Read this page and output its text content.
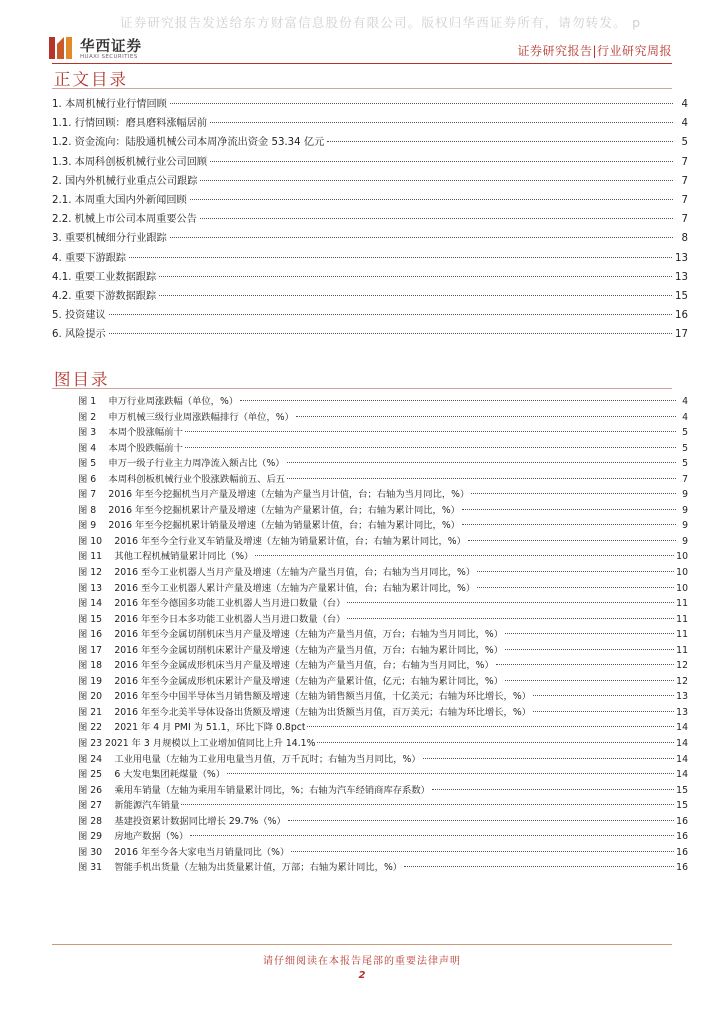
证券研究报告发送给东方财富信息股份有限公司。版权归华西证券所有，请勿转发。 p
华西证券
HUAXI SECURITIES	证券研究报告|行业研究周报
正文目录
1. 本周机械行业行情回顾	4
1.1. 行情回顾：磨具磨料涨幅居前	4
1.2. 资金流向：陆股通机械公司本周净流出资金 53.34 亿元	5
1.3. 本周科创板机械行业公司回顾	7
2. 国内外机械行业重点公司跟踪	7
2.1. 本周重大国内外新闻回顾	7
2.2. 机械上市公司本周重要公告	7
3. 重要机械细分行业跟踪	8
4. 重要下游跟踪	13
4.1. 重要工业数据跟踪	13
4.2. 重要下游数据跟踪	15
5. 投资建议	16
6. 风险提示	17
图目录
图 1　 申万行业周涨跌幅（单位，%）	4
图 2　 申万机械三级行业周涨跌幅排行（单位，%）	4
图 3　 本周个股涨幅前十	5
图 4　 本周个股跌幅前十	5
图 5　 申万一级子行业主力周净流入额占比（%）	5
图 6　 本周科创板机械行业个股涨跌幅前五、后五	7
图 7　 2016 年至今挖掘机当月产量及增速（左轴为产量当月计值，台；右轴为当月同比，%）	9
图 8　 2016 年至今挖掘机累计产量及增速（左轴为产量累计值，台；右轴为累计同比，%）	9
图 9　 2016 年至今挖掘机累计销量及增速（左轴为销量累计值，台；右轴为累计同比，%）	9
图 10　 2016 年至今全行业叉车销量及增速（左轴为销量累计值，台；右轴为累计同比，%）	9
图 11　 其他工程机械销量累计同比（%）	10
图 12　 2016 至今工业机器人当月产量及增速（左轴为产量当月值，台；右轴为当月同比，%）	10
图 13　 2016 至今工业机器人累计产量及增速（左轴为产量累计值，台；右轴为累计同比，%）	10
图 14　 2016 年至今德国多功能工业机器人当月进口数量（台）	11
图 15　 2016 年至今日本多功能工业机器人当月进口数量（台）	11
图 16　 2016 年至今金属切削机床当月产量及增速（左轴为产量当月值，万台；右轴为当月同比，%）	11
图 17　 2016 年至今金属切削机床累计产量及增速（左轴为产量当月值，万台；右轴为累计同比，%）	11
图 18　 2016 年至今金属成形机床当月产量及增速（左轴为产量当月值，台；右轴为当月同比，%）	12
图 19　 2016 年至今金属成形机床累计产量及增速（左轴为产量累计值，亿元；右轴为累计同比，%）	12
图 20　 2016 年至今中国半导体当月销售额及增速（左轴为销售额当月值，十亿美元；右轴为环比增长，%）	13
图 21　 2016 年至今北美半导体设备出货额及增速（左轴为出货额当月值，百万美元；右轴为环比增长，%）	13
图 22　 2021 年 4 月 PMI 为 51.1，环比下降 0.8pct	14
图 23 2021 年 3 月规模以上工业增加值同比上升 14.1%	14
图 24　 工业用电量（左轴为工业用电量当月值，万千瓦时；右轴为当月同比，%）	14
图 25　 6 大发电集团耗煤量（%）	14
图 26　 乘用车销量（左轴为乘用车销量累计同比，%；右轴为汽车经销商库存系数）	15
图 27　 新能源汽车销量	15
图 28　 基建投资累计数据同比增长 29.7%（%）	16
图 29　 房地产数据（%）	16
图 30　 2016 年至今各大家电当月销量同比（%）	16
图 31　 智能手机出货量（左轴为出货量累计值，万部；右轴为累计同比，%）	16
请仔细阅读在本报告尾部的重要法律声明
2
